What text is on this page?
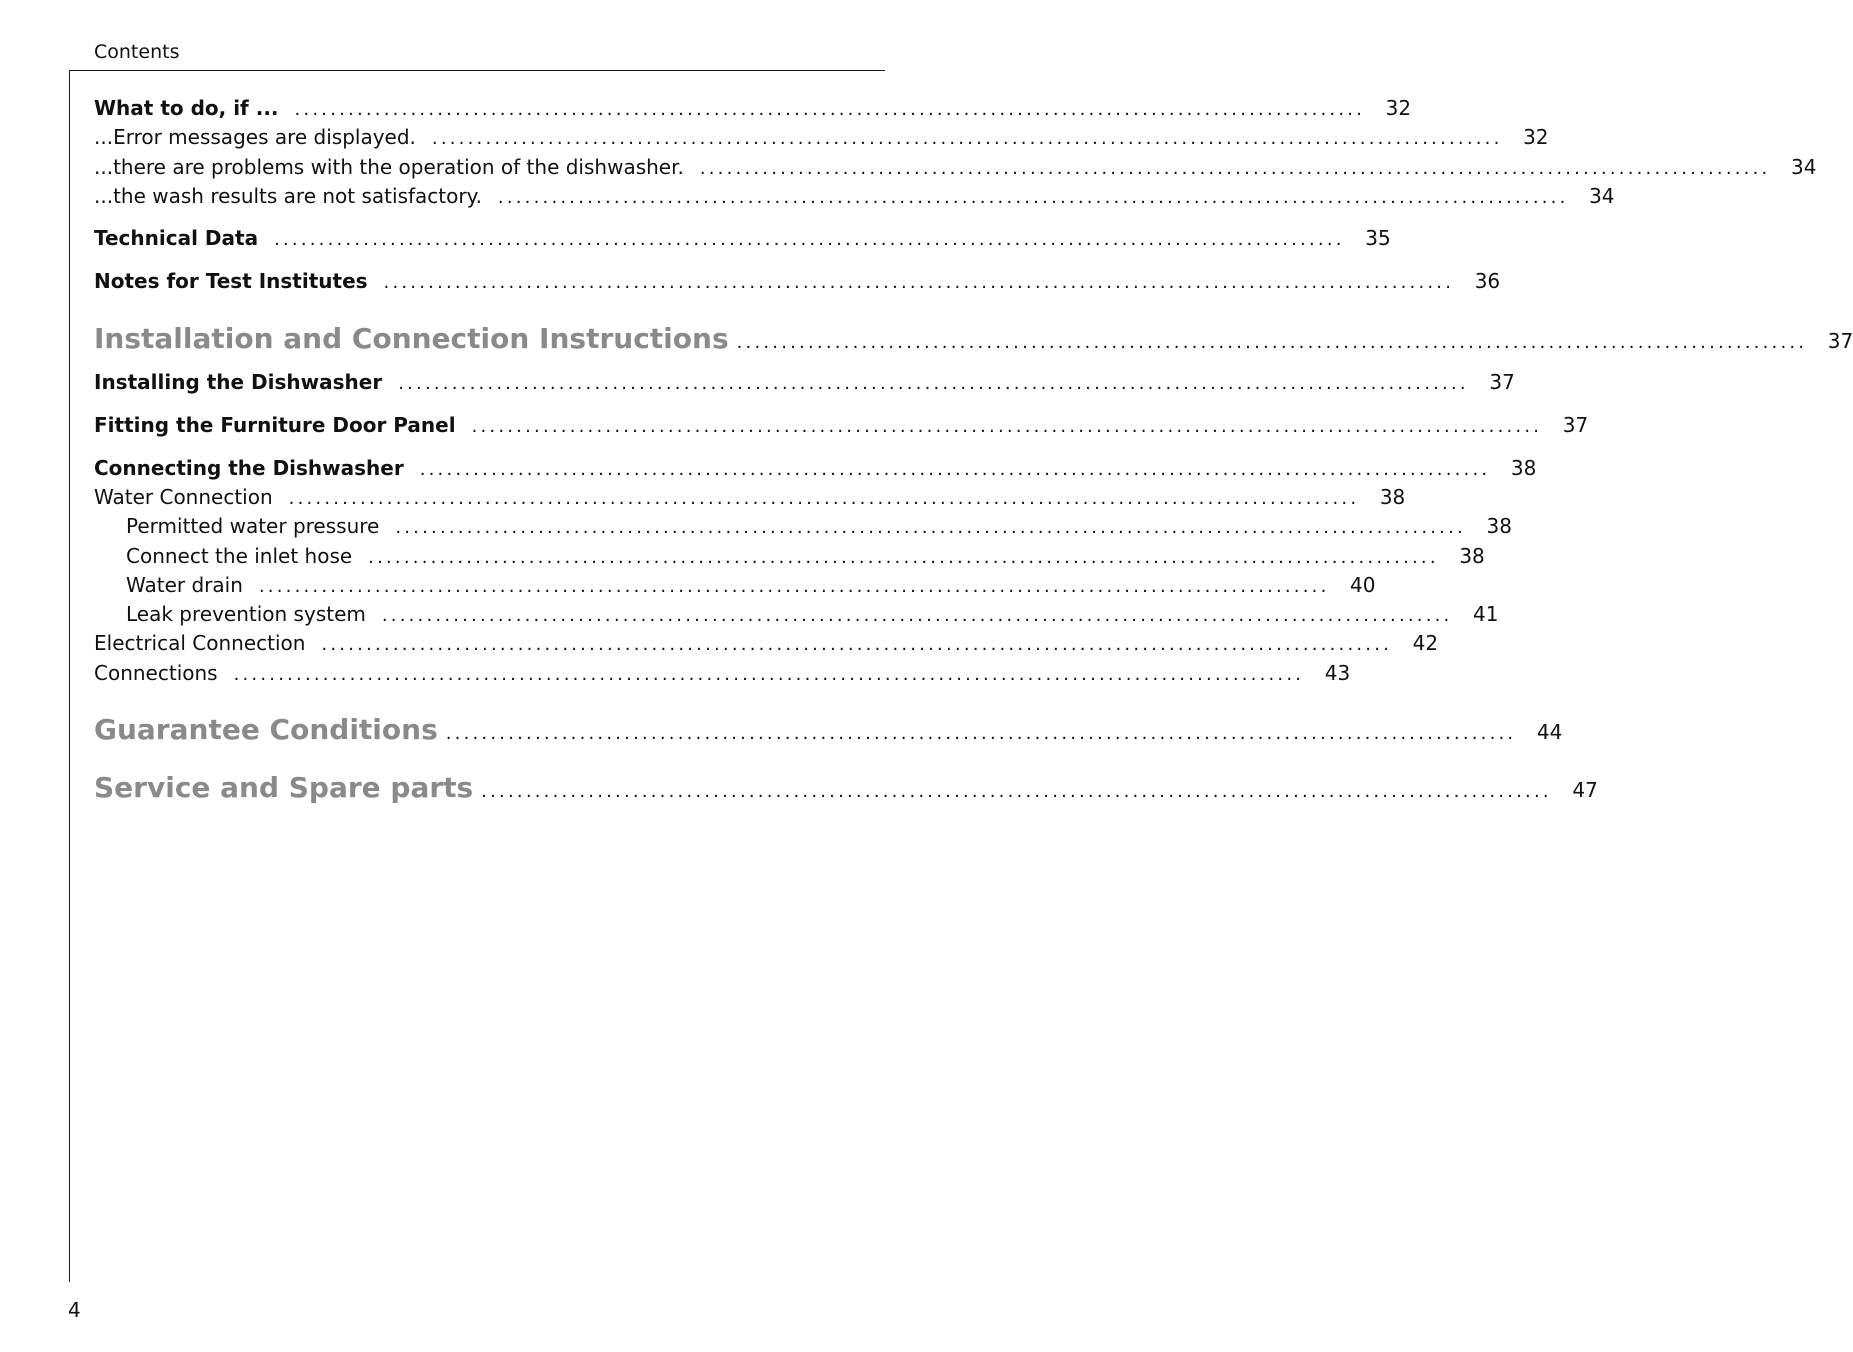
Contents
What to do, if ... ........................................................................................................................	32
...Error messages are displayed. ........................................................................................................................	32
...there are problems with the operation of the dishwasher. ........................................................................................................................	34
...the wash results are not satisfactory. ........................................................................................................................	34
Technical Data ........................................................................................................................	35
Notes for Test Institutes ........................................................................................................................	36
Installation and Connection Instructions ........................................................................................................................	37
Installing the Dishwasher ........................................................................................................................	37
Fitting the Furniture Door Panel ........................................................................................................................	37
Connecting the Dishwasher ........................................................................................................................	38
Water Connection ........................................................................................................................	38
Permitted water pressure ........................................................................................................................	38
Connect the inlet hose ........................................................................................................................	38
Water drain ........................................................................................................................	40
Leak prevention system ........................................................................................................................	41
Electrical Connection ........................................................................................................................	42
Connections ........................................................................................................................	43
Guarantee Conditions ........................................................................................................................	44
Service and Spare parts ........................................................................................................................	47
4
